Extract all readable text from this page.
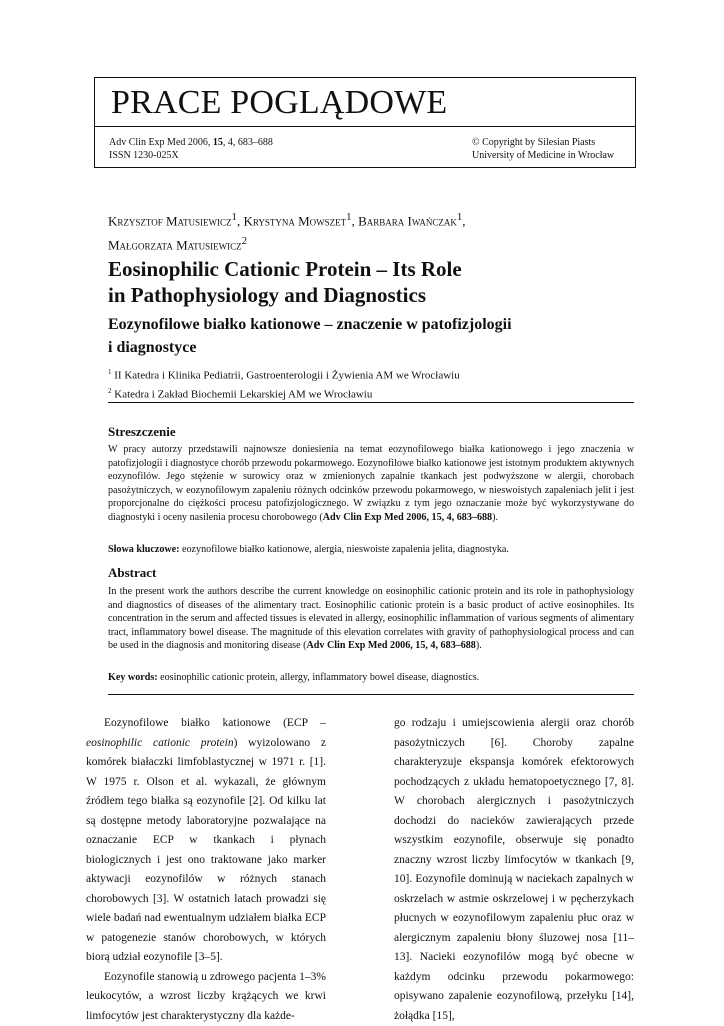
PRACE POGLĄDOWE
Adv Clin Exp Med 2006, 15, 4, 683–688
ISSN 1230-025X
© Copyright by Silesian Piasts
University of Medicine in Wrocław
Krzysztof Matusiewicz$^1$, Krystyna Mowszet$^1$, Barbara Iwańczak$^1$,
Małgorzata Matusiewicz$^2$
Eosinophilic Cationic Protein – Its Role
in Pathophysiology and Diagnostics
Eozynofilowe białko kationowe – znaczenie w patofizjologii
i diagnostyce
$^1$ II Katedra i Klinika Pediatrii, Gastroenterologii i Żywienia AM we Wrocławiu
$^2$ Katedra i Zakład Biochemii Lekarskiej AM we Wrocławiu
Streszczenie
W pracy autorzy przedstawili najnowsze doniesienia na temat eozynofilowego białka kationowego i jego znaczenia w patofizjologii i diagnostyce chorób przewodu pokarmowego. Eozynofilowe białko kationowe jest istotnym produktem aktywnych eozynofilów. Jego stężenie w surowicy oraz w zmienionych zapalnie tkankach jest podwyższone w alergii, chorobach pasożytniczych, w eozynofilowym zapaleniu różnych odcinków przewodu pokarmowego, w nieswoistych zapaleniach jelit i jest proporcjonalne do ciężkości procesu patofizjologicznego. W związku z tym jego oznaczanie może być wykorzystywane do diagnostyki i oceny nasilenia procesu chorobowego (Adv Clin Exp Med 2006, 15, 4, 683–688).
Słowa kluczowe: eozynofilowe białko kationowe, alergia, nieswoiste zapalenia jelita, diagnostyka.
Abstract
In the present work the authors describe the current knowledge on eosinophilic cationic protein and its role in pathophysiology and diagnostics of diseases of the alimentary tract. Eosinophilic cationic protein is a basic product of active eosinophiles. Its concentration in the serum and affected tissues is elevated in allergy, eosinophilic inflammation of various segments of alimentary tract, inflammatory bowel disease. The magnitude of this elevation correlates with gravity of pathophysiological process and can be used in the diagnosis and monitoring disease (Adv Clin Exp Med 2006, 15, 4, 683–688).
Key words: eosinophilic cationic protein, allergy, inflammatory bowel disease, diagnostics.

Eozynofilowe białko kationowe (ECP – eosinophilic cationic protein) wyizolowano z komórek białaczki limfoblastycznej w 1971 r. [1]. W 1975 r. Olson et al. wykazali, że głównym źródłem tego białka są eozynofile [2]. Od kilku lat są dostępne metody laboratoryjne pozwalające na oznaczanie ECP w tkankach i płynach biologicznych i jest ono traktowane jako marker aktywacji eozynofilów w różnych stanach chorobowych [3]. W ostatnich latach prowadzi się wiele badań nad ewentualnym udziałem białka ECP w patogenezie stanów chorobowych, w których biorą udział eozynofile [3–5].

Eozynofile stanowią u zdrowego pacjenta 1–3% leukocytów, a wzrost liczby krążących we krwi limfocytów jest charakterystyczny dla każde-

go rodzaju i umiejscowienia alergii oraz chorób pasożytniczych [6]. Choroby zapalne charakteryzuje ekspansja komórek efektorowych pochodzących z układu hematopoetycznego [7, 8]. W chorobach alergicznych i pasożytniczych dochodzi do nacieków zawierających przede wszystkim eozynofile, obserwuje się ponadto znaczny wzrost liczby limfocytów w tkankach [9, 10]. Eozynofile dominują w naciekach zapalnych w oskrzelach w astmie oskrzelowej i w pęcherzykach płucnych w eozynofilowym zapaleniu płuc oraz w alergicznym zapaleniu błony śluzowej nosa [11–13]. Nacieki eozynofilów mogą być obecne w każdym odcinku przewodu pokarmowego: opisywano zapalenie eozynofilową, przełyku [14], żołądka [15],
